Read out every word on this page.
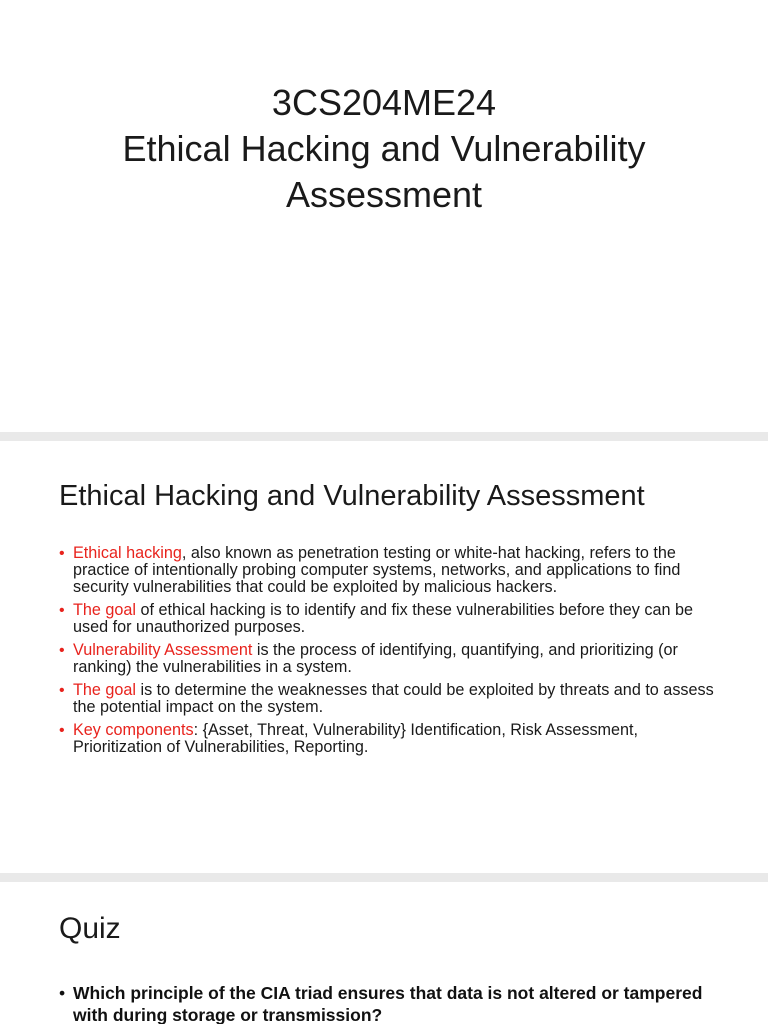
3CS204ME24
Ethical Hacking and Vulnerability
Assessment
Ethical Hacking and Vulnerability Assessment
• Ethical hacking, also known as penetration testing or white-hat hacking, refers to the practice of intentionally probing computer systems, networks, and applications to find security vulnerabilities that could be exploited by malicious hackers.
• The goal of ethical hacking is to identify and fix these vulnerabilities before they can be used for unauthorized purposes.
• Vulnerability Assessment is the process of identifying, quantifying, and prioritizing (or ranking) the vulnerabilities in a system.
• The goal is to determine the weaknesses that could be exploited by threats and to assess the potential impact on the system.
• Key components: {Asset, Threat, Vulnerability} Identification, Risk Assessment, Prioritization of Vulnerabilities, Reporting.
Quiz
• Which principle of the CIA triad ensures that data is not altered or tampered with during storage or transmission?
